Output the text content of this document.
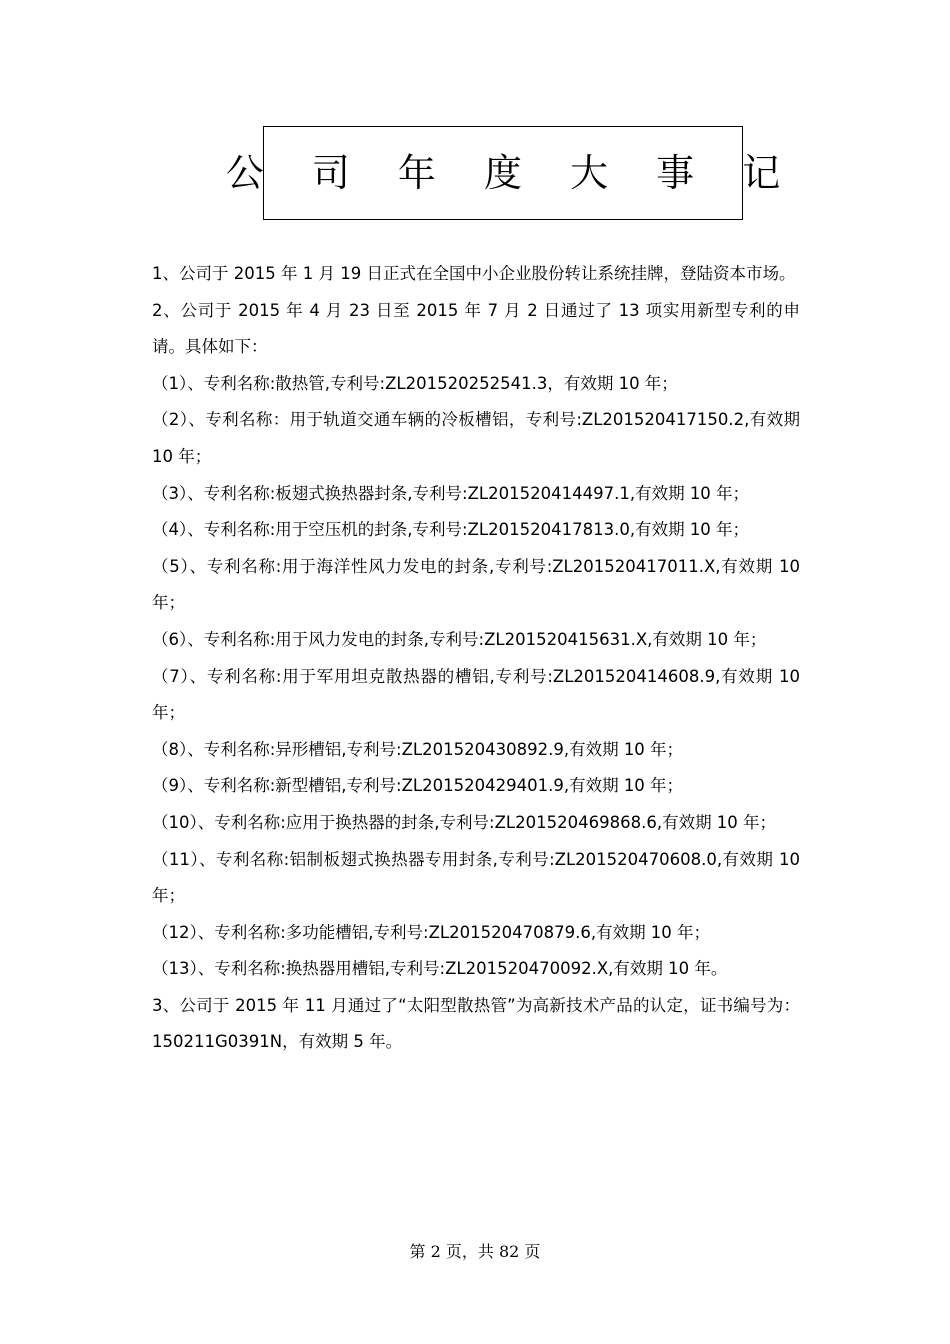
公 司 年 度 大 事 记

1、公司于 2015 年 1 月 19 日正式在全国中小企业股份转让系统挂牌，登陆资本市场。

2、公司于 2015 年 4 月 23 日至 2015 年 7 月 2 日通过了 13 项实用新型专利的申请。具体如下：

（1）、专利名称:散热管,专利号:ZL201520252541.3，有效期 10 年；

（2）、专利名称：用于轨道交通车辆的冷板槽铝，专利号:ZL201520417150.2,有效期 10 年；

（3）、专利名称:板翅式换热器封条,专利号:ZL201520414497.1,有效期 10 年；

（4）、专利名称:用于空压机的封条,专利号:ZL201520417813.0,有效期 10 年；

（5）、专利名称:用于海洋性风力发电的封条,专利号:ZL201520417011.X,有效期 10 年；

（6）、专利名称:用于风力发电的封条,专利号:ZL201520415631.X,有效期 10 年；

（7）、专利名称:用于军用坦克散热器的槽铝,专利号:ZL201520414608.9,有效期 10 年；

（8）、专利名称:异形槽铝,专利号:ZL201520430892.9,有效期 10 年；

（9）、专利名称:新型槽铝,专利号:ZL201520429401.9,有效期 10 年；

（10）、专利名称:应用于换热器的封条,专利号:ZL201520469868.6,有效期 10 年；

（11）、专利名称:铝制板翅式换热器专用封条,专利号:ZL201520470608.0,有效期 10 年；

（12）、专利名称:多功能槽铝,专利号:ZL201520470879.6,有效期 10 年；

（13）、专利名称:换热器用槽铝,专利号:ZL201520470092.X,有效期 10 年。

3、公司于 2015 年 11 月通过了“太阳型散热管”为高新技术产品的认定，证书编号为：150211G0391N，有效期 5 年。

第 2 页，共 82 页
